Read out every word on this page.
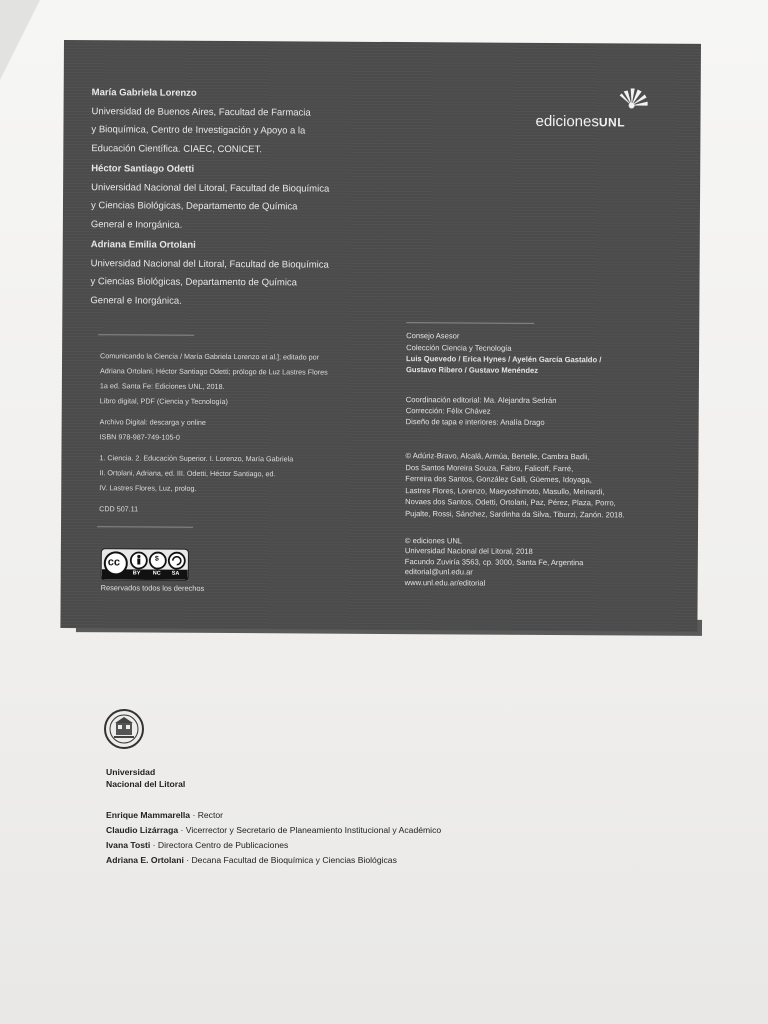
María Gabriela Lorenzo
Universidad de Buenos Aires, Facultad de Farmacia
y Bioquímica, Centro de Investigación y Apoyo a la
Educación Científica. CIAEC, CONICET.
Héctor Santiago Odetti
Universidad Nacional del Litoral, Facultad de Bioquímica
y Ciencias Biológicas, Departamento de Química
General e Inorgánica.
Adriana Emilia Ortolani
Universidad Nacional del Litoral, Facultad de Bioquímica
y Ciencias Biológicas, Departamento de Química
General e Inorgánica.
edicionesUNL
Comunicando la Ciencia / María Gabriela Lorenzo et al.]; editado por
Adriana Ortolani; Héctor Santiago Odetti; prólogo de Luz Lastres Flores
1a ed. Santa Fe: Ediciones UNL, 2018.
Libro digital, PDF (Ciencia y Tecnología)
Archivo Digital: descarga y online
ISBN 978-987-749-105-0
1. Ciencia. 2. Educación Superior. I. Lorenzo, María Gabriela
II. Ortolani, Adriana, ed. III. Odetti, Héctor Santiago, ed.
IV. Lastres Flores, Luz, prolog.
CDD 507.11
cc
BY NC SA
$
Reservados todos los derechos
Consejo Asesor
Colección Ciencia y Tecnología
Luis Quevedo / Erica Hynes / Ayelén García Gastaldo /
Gustavo Ribero / Gustavo Menéndez
Coordinación editorial: Ma. Alejandra Sedrán
Corrección: Félix Chávez
Diseño de tapa e interiores: Analía Drago
© Adúriz-Bravo, Alcalá, Armúa, Bertelle, Cambra Badii,
Dos Santos Moreira Souza, Fabro, Falicoff, Farré,
Ferreira dos Santos, González Galli, Güemes, Idoyaga,
Lastres Flores, Lorenzo, Maeyoshimoto, Masullo, Meinardi,
Novaes dos Santos, Odetti, Ortolani, Paz, Pérez, Plaza, Porro,
Pujalte, Rossi, Sánchez, Sardinha da Silva, Tiburzi, Zanón. 2018.
© ediciones UNL
Universidad Nacional del Litoral, 2018
Facundo Zuviría 3563, cp. 3000, Santa Fe, Argentina
editorial@unl.edu.ar
www.unl.edu.ar/editorial
Universidad
Nacional del Litoral
Enrique Mammarella · Rector
Claudio Lizárraga · Vicerrector y Secretario de Planeamiento Institucional y Académico
Ivana Tosti · Directora Centro de Publicaciones
Adriana E. Ortolani · Decana Facultad de Bioquímica y Ciencias Biológicas
